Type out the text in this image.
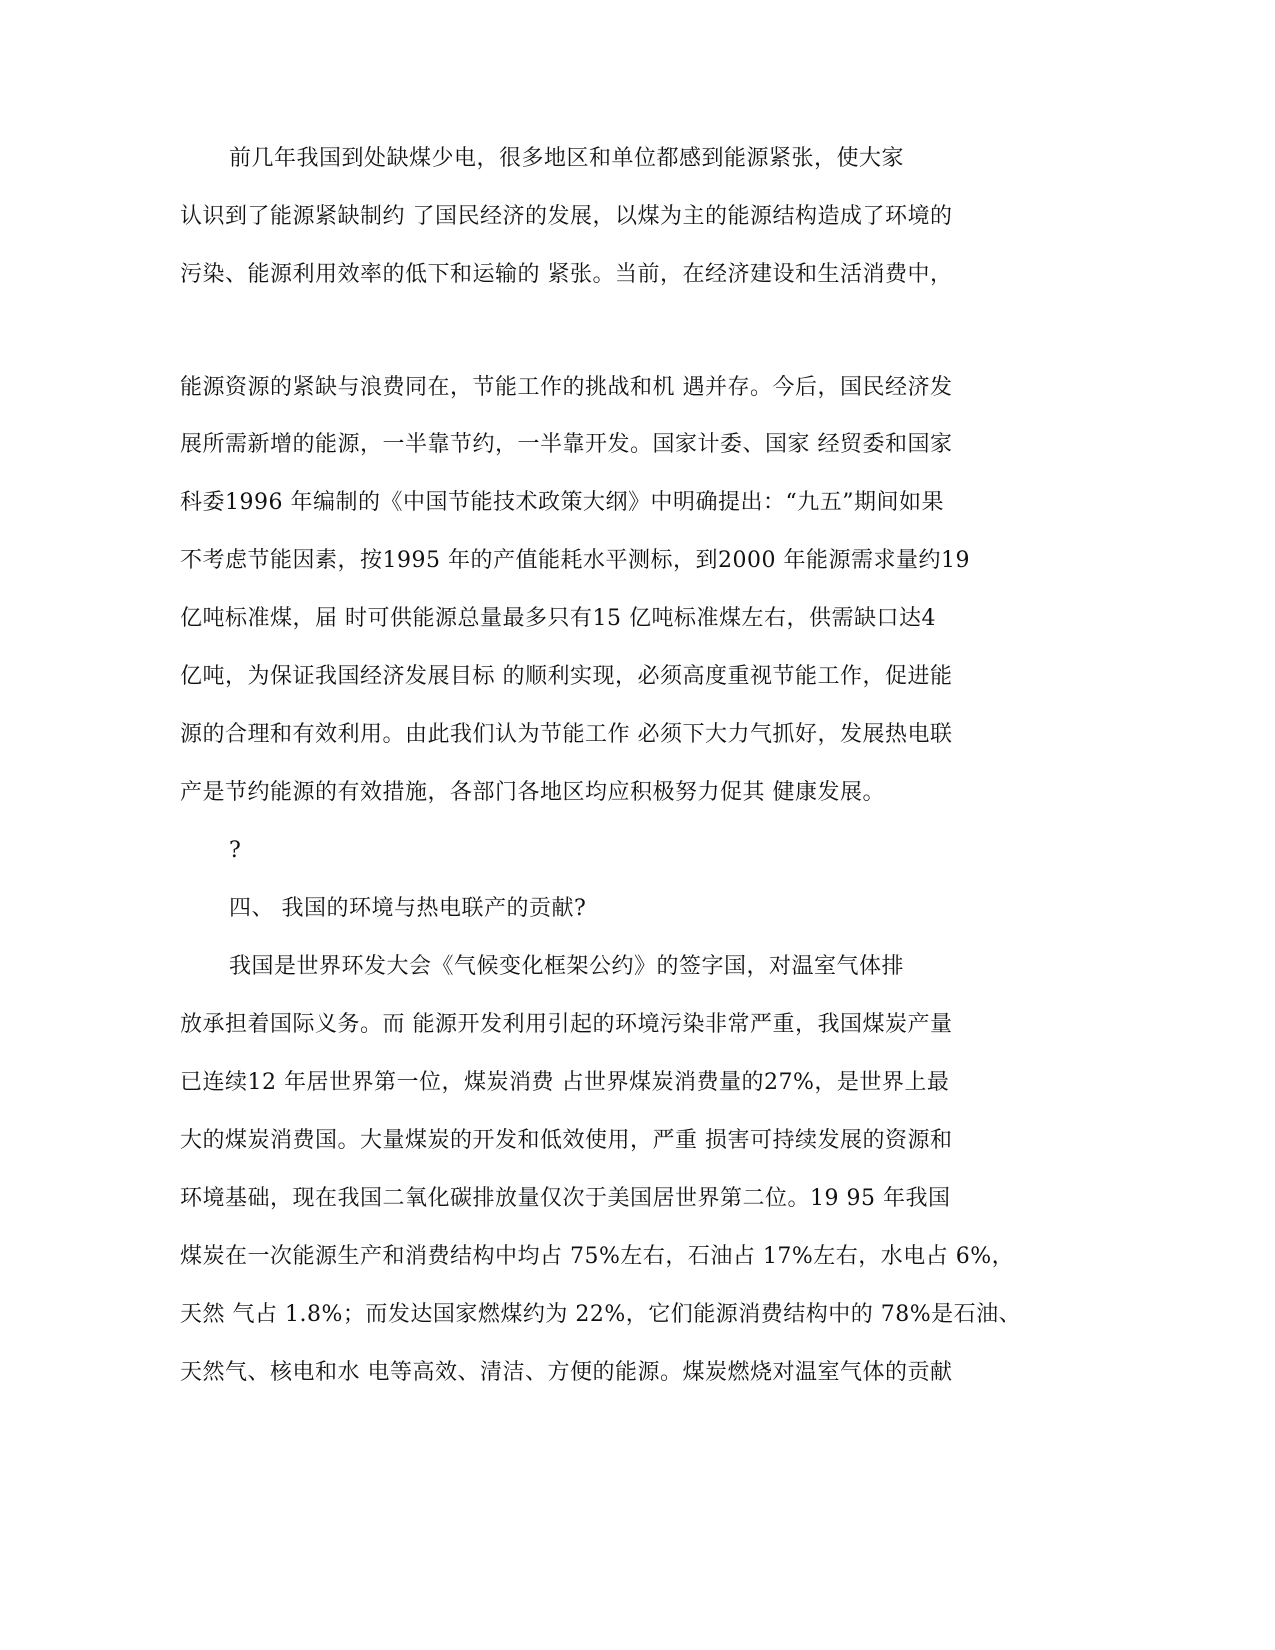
前几年我国到处缺煤少电，很多地区和单位都感到能源紧张，使大家
认识到了能源紧缺制约 了国民经济的发展，以煤为主的能源结构造成了环境的
污染、能源利用效率的低下和运输的 紧张。当前，在经济建设和生活消费中，
能源资源的紧缺与浪费同在，节能工作的挑战和机 遇并存。今后，国民经济发
展所需新增的能源，一半靠节约，一半靠开发。国家计委、国家 经贸委和国家
科委1996 年编制的《中国节能技术政策大纲》中明确提出：“九五”期间如果
不考虑节能因素，按1995 年的产值能耗水平测标，到2000 年能源需求量约19
亿吨标准煤，届 时可供能源总量最多只有15 亿吨标准煤左右，供需缺口达4
亿吨，为保证我国经济发展目标 的顺利实现，必须高度重视节能工作，促进能
源的合理和有效利用。由此我们认为节能工作 必须下大力气抓好，发展热电联
产是节约能源的有效措施，各部门各地区均应积极努力促其 健康发展。
?
四、 我国的环境与热电联产的贡献?
我国是世界环发大会《气候变化框架公约》的签字国，对温室气体排
放承担着国际义务。而 能源开发利用引起的环境污染非常严重，我国煤炭产量
已连续12 年居世界第一位，煤炭消费 占世界煤炭消费量的27%，是世界上最
大的煤炭消费国。大量煤炭的开发和低效使用，严重 损害可持续发展的资源和
环境基础，现在我国二氧化碳排放量仅次于美国居世界第二位。19 95 年我国
煤炭在一次能源生产和消费结构中均占 75%左右，石油占 17%左右，水电占 6%，
天然 气占 1.8%；而发达国家燃煤约为 22%，它们能源消费结构中的 78%是石油、
天然气、核电和水 电等高效、清洁、方便的能源。煤炭燃烧对温室气体的贡献
